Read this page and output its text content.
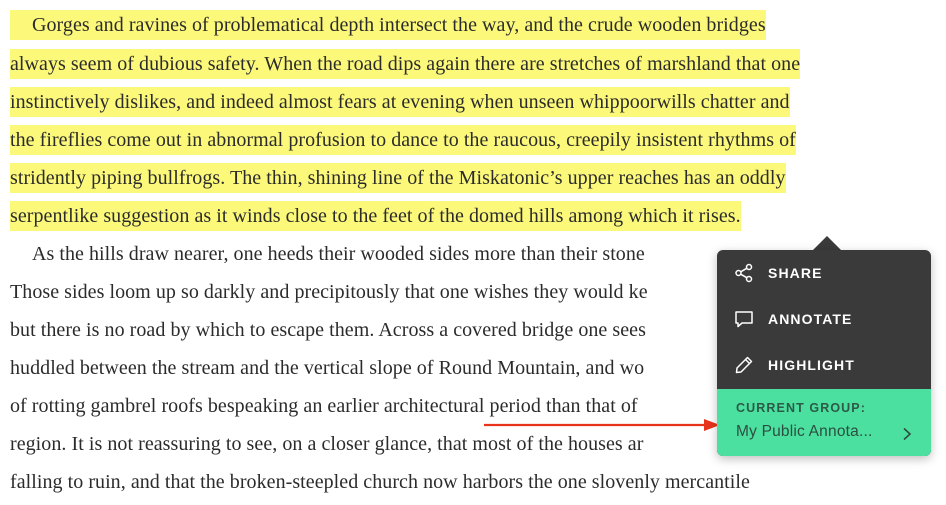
Gorges and ravines of problematical depth intersect the way, and the crude wooden bridges
always seem of dubious safety. When the road dips again there are stretches of marshland that one
instinctively dislikes, and indeed almost fears at evening when unseen whippoorwills chatter and
the fireflies come out in abnormal profusion to dance to the raucous, creepily insistent rhythms of
stridently piping bullfrogs. The thin, shining line of the Miskatonic’s upper reaches has an oddly
serpentlike suggestion as it winds close to the feet of the domed hills among which it rises.
As the hills draw nearer, one heeds their wooded sides more than their stone
Those sides loom up so darkly and precipitously that one wishes they would ke
but there is no road by which to escape them. Across a covered bridge one sees
huddled between the stream and the vertical slope of Round Mountain, and wo
of rotting gambrel roofs bespeaking an earlier architectural period than that of
region. It is not reassuring to see, on a closer glance, that most of the houses ar
falling to ruin, and that the broken-steepled church now harbors the one slovenly mercantile
SHARE
ANNOTATE
HIGHLIGHT
CURRENT GROUP:
My Public Annota...
